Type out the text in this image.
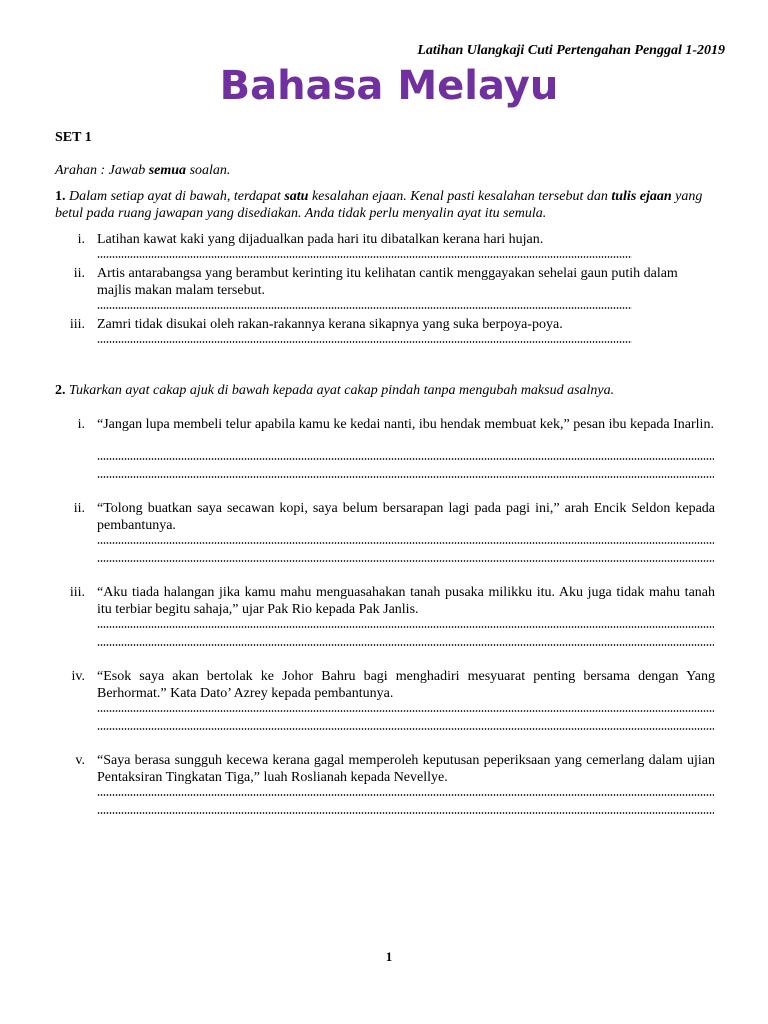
Latihan Ulangkaji Cuti Pertengahan Penggal 1-2019
Bahasa Melayu
SET 1
Arahan : Jawab semua soalan.
1. Dalam setiap ayat di bawah, terdapat satu kesalahan ejaan. Kenal pasti kesalahan tersebut dan tulis ejaan yang betul pada ruang jawapan yang disediakan. Anda tidak perlu menyalin ayat itu semula.
i. Latihan kawat kaki yang dijadualkan pada hari itu dibatalkan kerana hari hujan.
ii. Artis antarabangsa yang berambut kerinting itu kelihatan cantik menggayakan sehelai gaun putih dalam majlis makan malam tersebut.
iii. Zamri tidak disukai oleh rakan-rakannya kerana sikapnya yang suka berpoya-poya.
2. Tukarkan ayat cakap ajuk di bawah kepada ayat cakap pindah tanpa mengubah maksud asalnya.
i. “Jangan lupa membeli telur apabila kamu ke kedai nanti, ibu hendak membuat kek,” pesan ibu kepada Inarlin.
ii. “Tolong buatkan saya secawan kopi, saya belum bersarapan lagi pada pagi ini,” arah Encik Seldon kepada pembantunya.
iii. “Aku tiada halangan jika kamu mahu menguasahakan tanah pusaka milikku itu. Aku juga tidak mahu tanah itu terbiar begitu sahaja,” ujar Pak Rio kepada Pak Janlis.
iv. “Esok saya akan bertolak ke Johor Bahru bagi menghadiri mesyuarat penting bersama dengan Yang Berhormat.” Kata Dato’ Azrey kepada pembantunya.
v. “Saya berasa sungguh kecewa kerana gagal memperoleh keputusan peperiksaan yang cemerlang dalam ujian Pentaksiran Tingkatan Tiga,” luah Roslianah kepada Nevellye.
1
